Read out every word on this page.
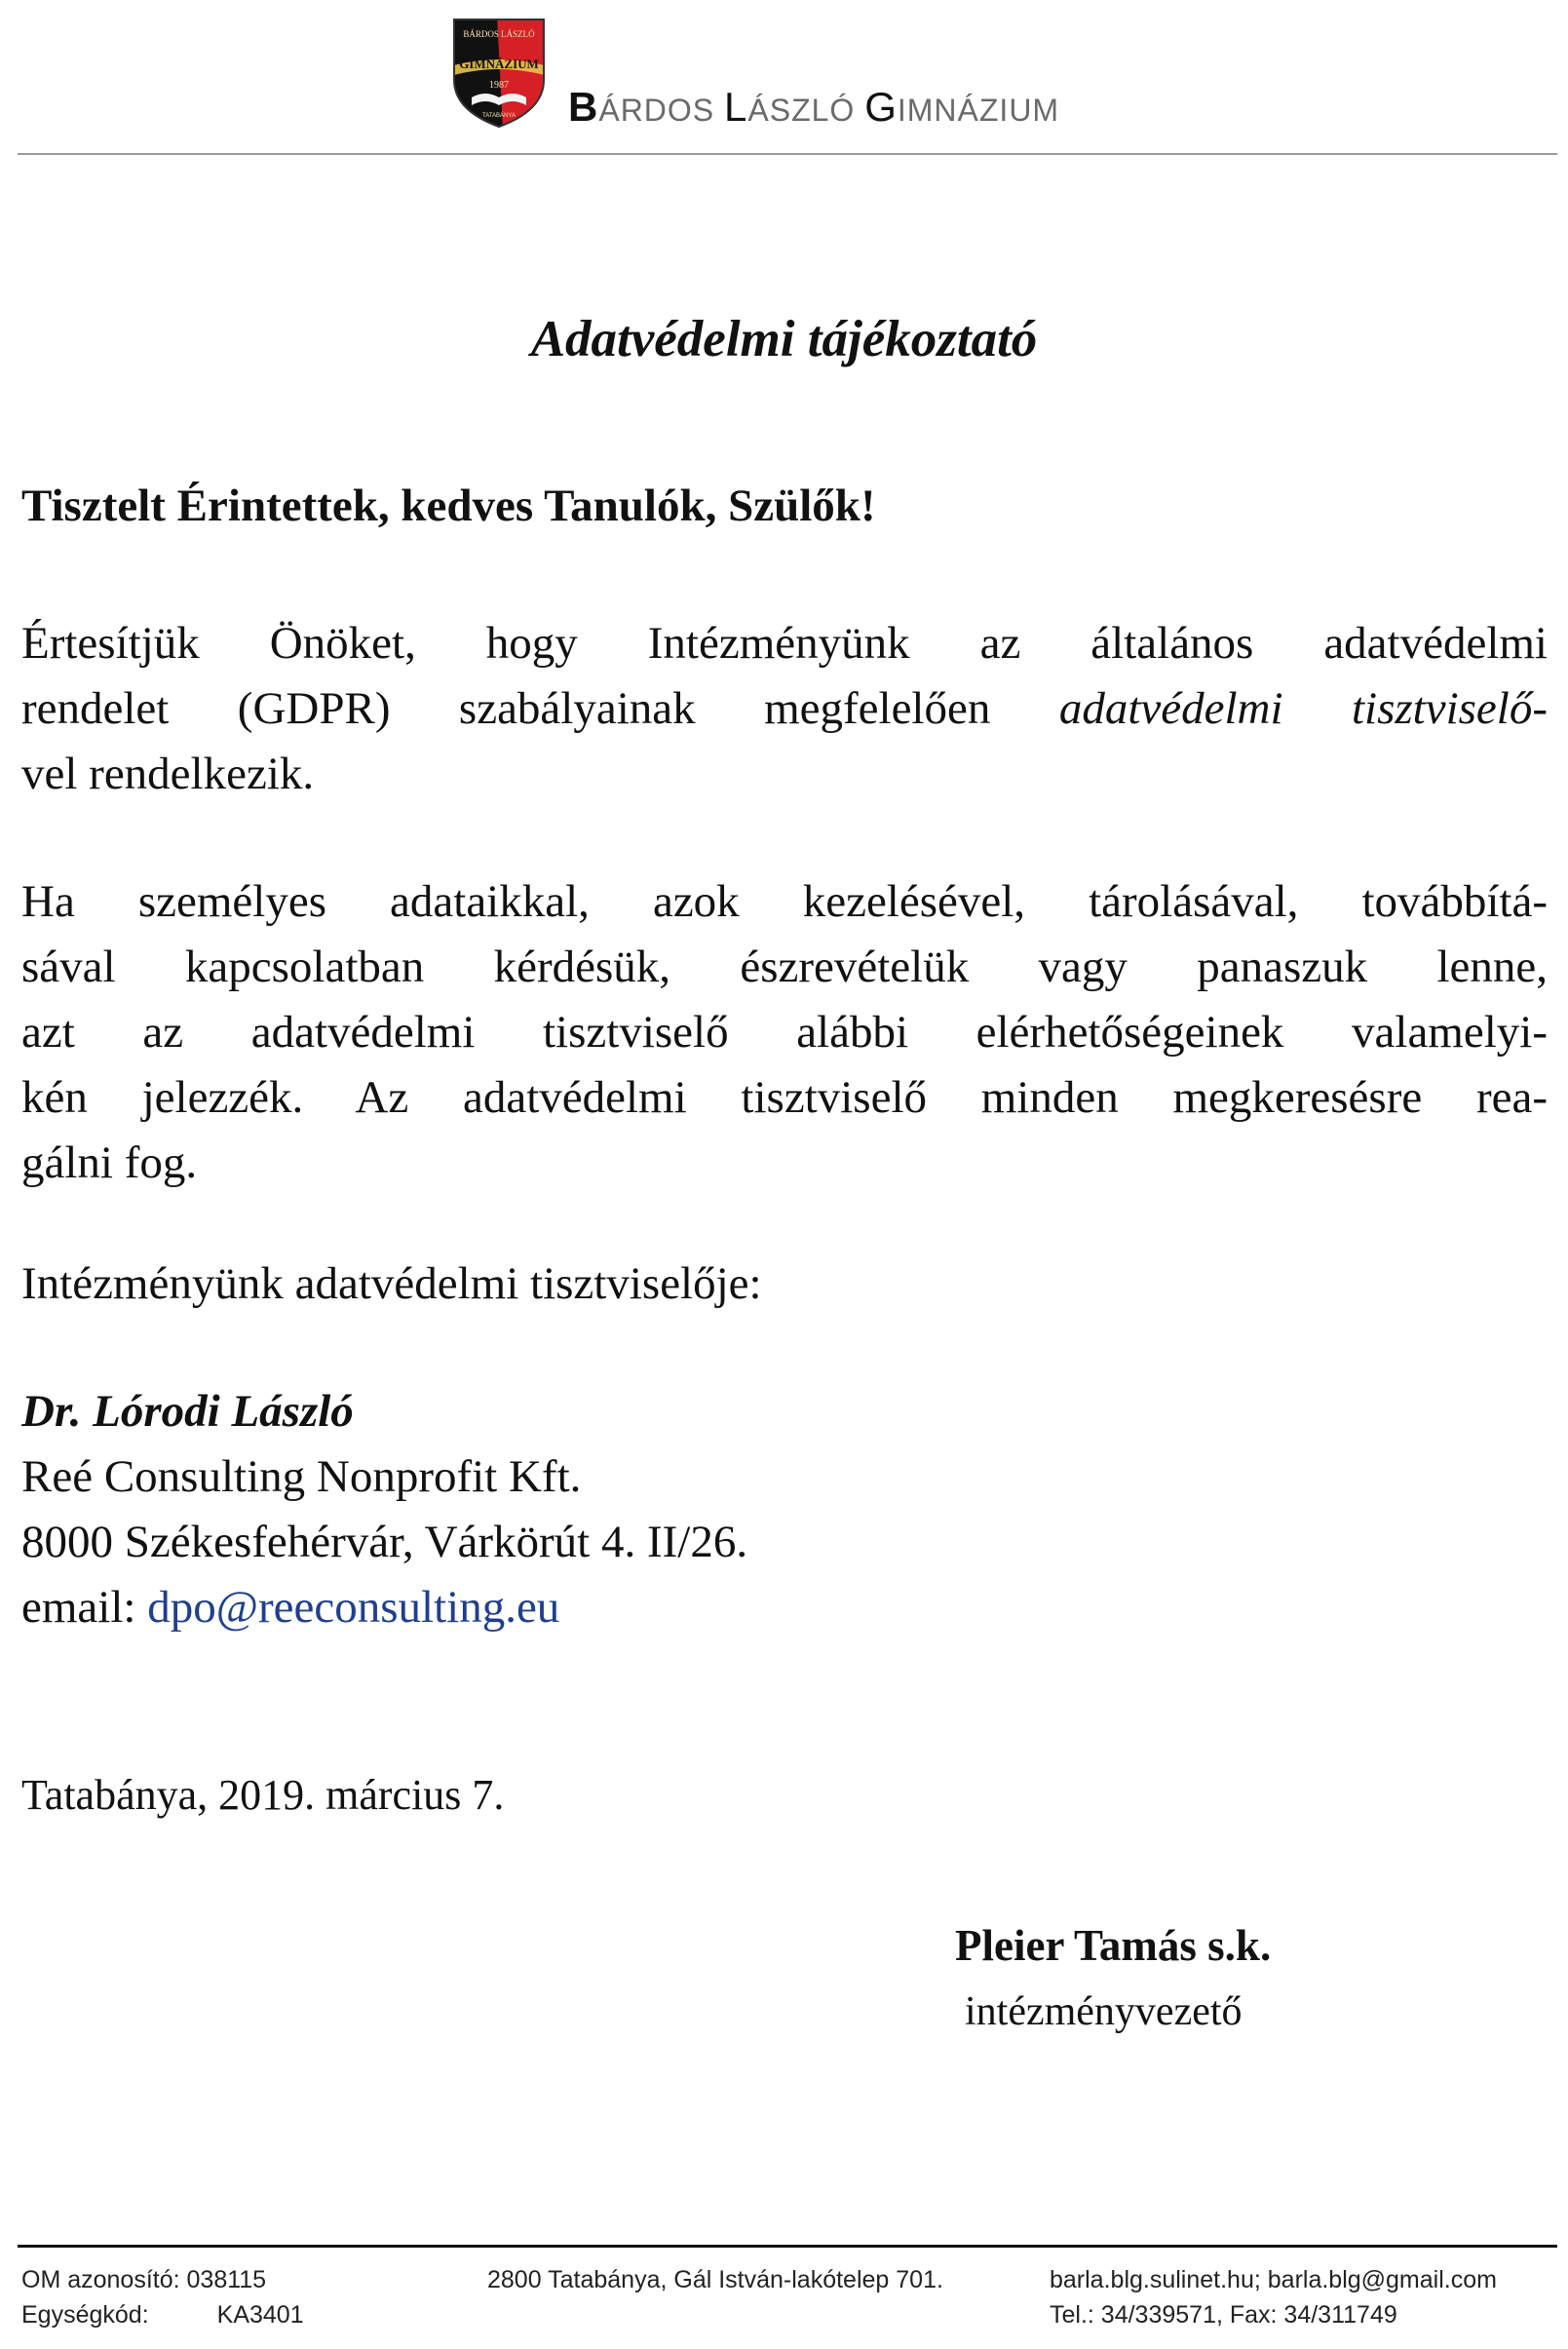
BÁRDOS LÁSZLÓ
GIMNÁZIUM
1987
TATABÁNYA BÁRDOS LÁSZLÓ GIMNÁZIUM
Adatvédelmi tájékoztató
Tisztelt Érintettek, kedves Tanulók, Szülők!
Értesítjük Önöket, hogy Intézményünk az általános adatvédelmi
rendelet (GDPR) szabályainak megfelelően adatvédelmi tisztviselő-
vel rendelkezik.
Ha személyes adataikkal, azok kezelésével, tárolásával, továbbítá-
sával kapcsolatban kérdésük, észrevételük vagy panaszuk lenne,
azt az adatvédelmi tisztviselő alábbi elérhetőségeinek valamelyi-
kén jelezzék. Az adatvédelmi tisztviselő minden megkeresésre rea-
gálni fog.
Intézményünk adatvédelmi tisztviselője:
Dr. Lórodi László
Reé Consulting Nonprofit Kft.
8000 Székesfehérvár, Várkörút 4. II/26.
email: dpo@reeconsulting.eu
Tatabánya, 2019. március 7.
Pleier Tamás s.k.
intézményvezető
OM azonosító: 038115
Egységkód:	KA3401
2800 Tatabánya, Gál István-lakótelep 701.	barla.blg.sulinet.hu; barla.blg@gmail.com
Tel.: 34/339571, Fax: 34/311749
